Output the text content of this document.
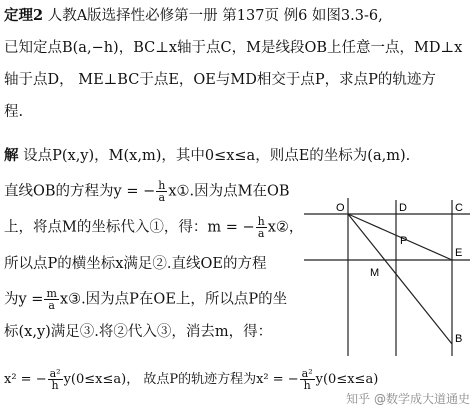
定理2 人教A版选择性必修第一册 第137页 例6 如图3.3-6,
已知定点B(a,−h)，BC⊥x轴于点C，M是线段OB上任意一点，MD⊥x
轴于点D， ME⊥BC于点E，OE与MD相交于点P，求点P的轨迹方
程.
解 设点P(x,y)，M(x,m)，其中0≤x≤a，则点E的坐标为(a,m).
直线OB的方程为y = − $\frac{h}{a}$ x①.因为点M在OB
上，将点M的坐标代入①，得：m = − $\frac{h}{a}$ x②，
所以点P的横坐标x满足②.直线OE的方程
为$y = \frac{m}{a}$ x③.因为点P在OE上，所以点P的坐
标(x,y)满足③.将②代入③，消去m，得：
x² = − $\frac{\text{a²}}{h} y(0\le x\le a)$， 故点P的轨迹方程为x² = − $\frac{\text{a²}}{h} y(0\le x\le a)$
O	D	C
P
E
M
B
知乎 @数学成大道通史
